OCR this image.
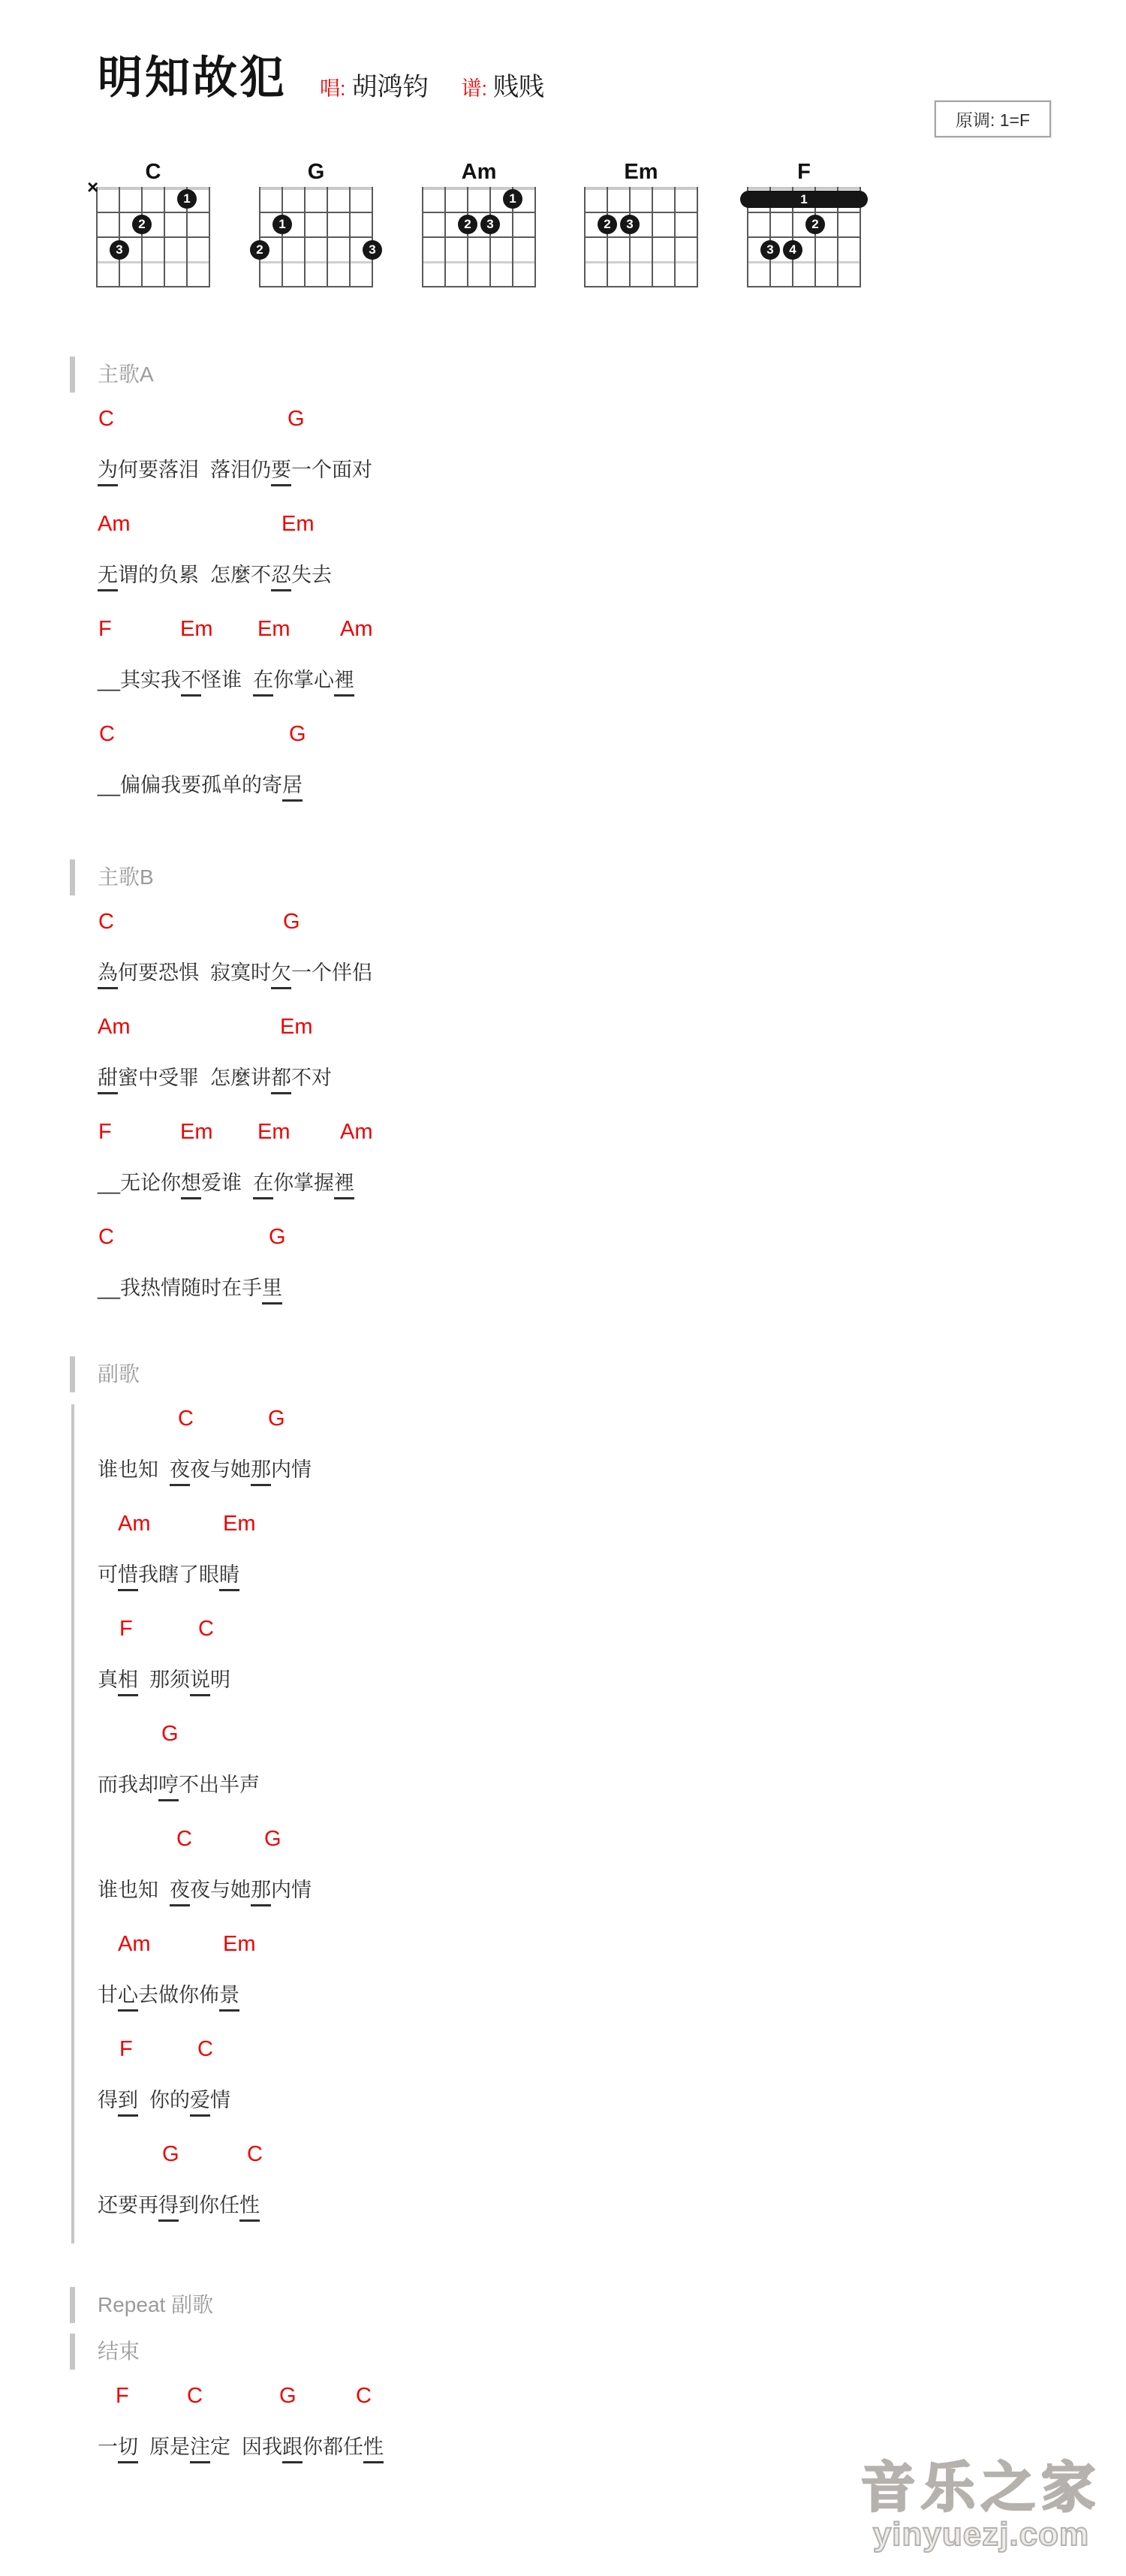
明知故犯 唱: 胡鸿钧 谱: 贱贱
原调: 1=F
C
×
1
2
3
G
1
2	3
Am
1
2	3
Em
2	3
F
1
2
3	4
主歌A
C	G
为何要落泪  落泪仍要一个面对
Am	Em
无谓的负累  怎麼不忍失去
F	Em Em Am
__其实我不怪谁  在你掌心裡
C	G
__偏偏我要孤单的寄居
主歌B
C	G
為何要恐惧  寂寞时欠一个伴侣
Am	Em
甜蜜中受罪  怎麼讲都不对
F	Em Em Am
__无论你想爱谁  在你掌握裡
C	G
__我热情随时在手里
副歌
C	G
谁也知  夜夜与她那内情
Am	Em
可惜我瞎了眼睛
F	C
真相  那须说明
G
而我却哼不出半声
C	G
谁也知  夜夜与她那内情
Am	Em
甘心去做你佈景
F	C
得到  你的爱情
G	C
还要再得到你任性
Repeat 副歌
结束
F	C	G	C
一切  原是注定  因我跟你都任性
音乐之家
yinyuezj.com
